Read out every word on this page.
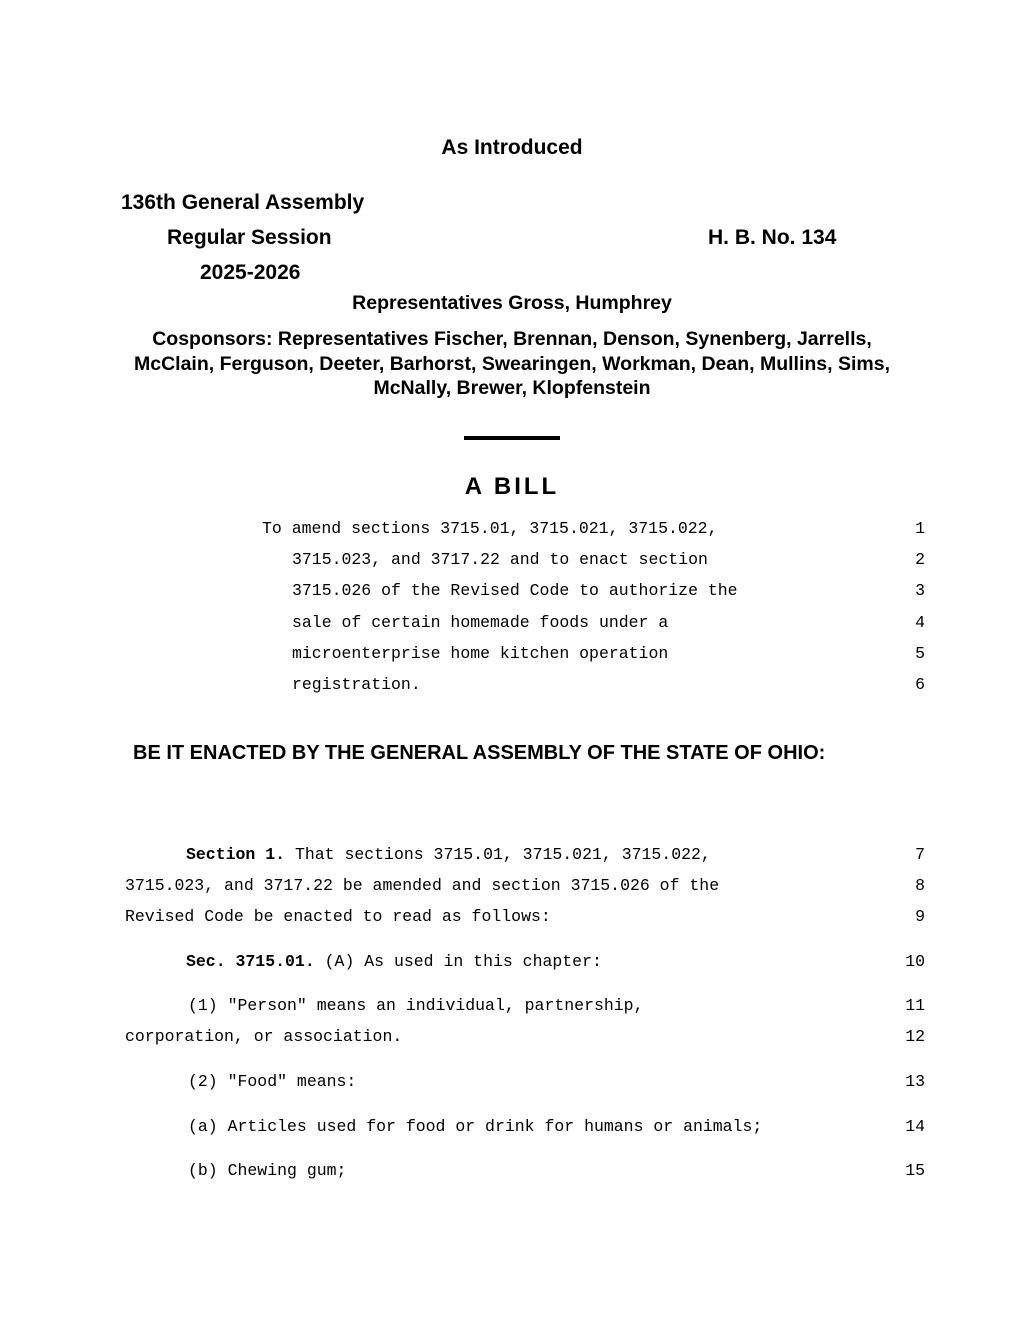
As Introduced
136th General Assembly
Regular Session	H. B. No. 134
2025-2026
Representatives Gross, Humphrey
Cosponsors: Representatives Fischer, Brennan, Denson, Synenberg, Jarrells,
McClain, Ferguson, Deeter, Barhorst, Swearingen, Workman, Dean, Mullins, Sims,
McNally, Brewer, Klopfenstein
A BILL
To amend sections 3715.01, 3715.021, 3715.022,
3715.023, and 3717.22 and to enact section
3715.026 of the Revised Code to authorize the
sale of certain homemade foods under a
microenterprise home kitchen operation
registration.
1
2
3
4
5
6
BE IT ENACTED BY THE GENERAL ASSEMBLY OF THE STATE OF OHIO:
Section 1. That sections 3715.01, 3715.021, 3715.022,
3715.023, and 3717.22 be amended and section 3715.026 of the
Revised Code be enacted to read as follows:
Sec. 3715.01. (A) As used in this chapter:
(1) "Person" means an individual, partnership,
corporation, or association.
(2) "Food" means:
(a) Articles used for food or drink for humans or animals;
(b) Chewing gum;
7
8
9
10
11
12
13
14
15
